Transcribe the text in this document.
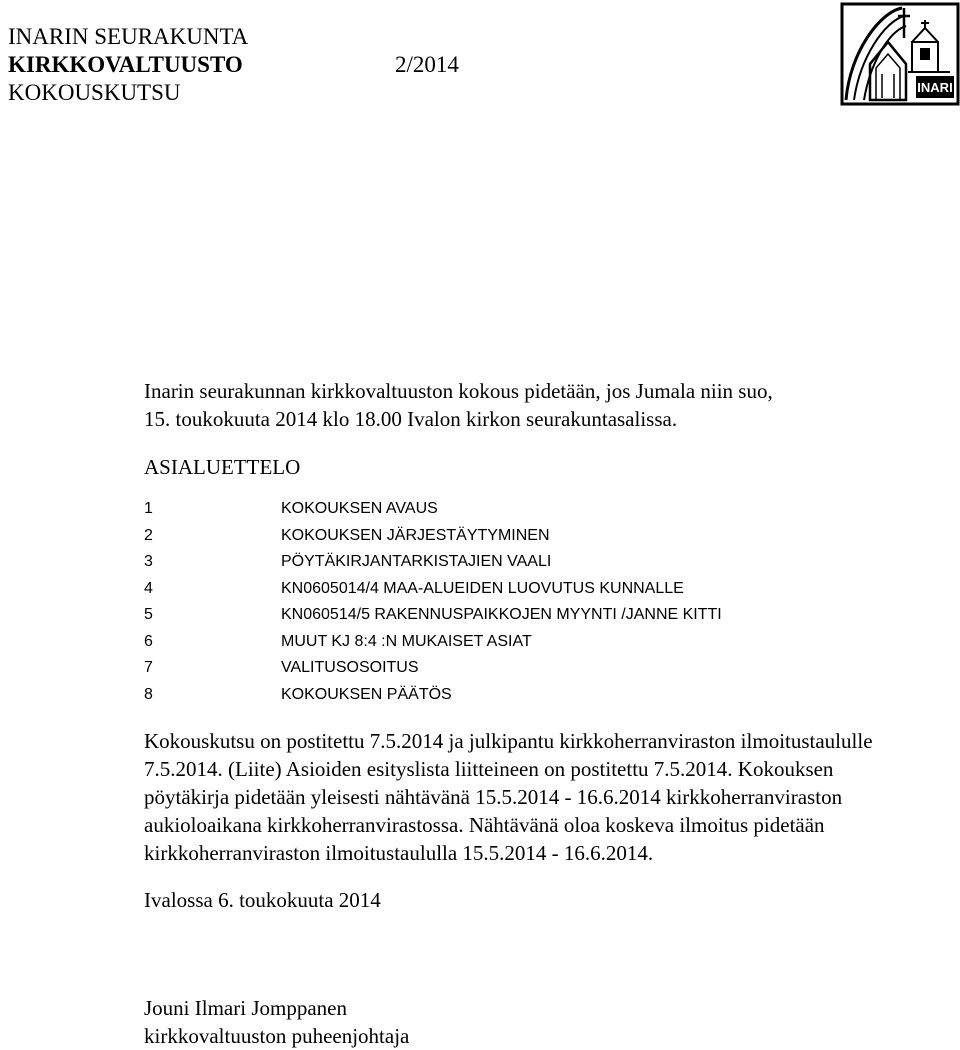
INARIN SEURAKUNTA
KIRKKOVALTUUSTO	2/2014
KOKOUSKUTSU	INARI
Inarin seurakunnan kirkkovaltuuston kokous pidetään, jos Jumala niin suo,
15. toukokuuta 2014 klo 18.00 Ivalon kirkon seurakuntasalissa.
ASIALUETTELO
1	KOKOUKSEN AVAUS
2	KOKOUKSEN JÄRJESTÄYTYMINEN
3	PÖYTÄKIRJANTARKISTAJIEN VAALI
4	KN0605014/4 MAA-ALUEIDEN LUOVUTUS KUNNALLE
5	KN060514/5 RAKENNUSPAIKKOJEN MYYNTI /JANNE KITTI
6	MUUT KJ 8:4 :N MUKAISET ASIAT
7	VALITUSOSOITUS
8	KOKOUKSEN PÄÄTÖS
Kokouskutsu on postitettu 7.5.2014 ja julkipantu kirkkoherranviraston ilmoitustaululle
7.5.2014. (Liite) Asioiden esityslista liitteineen on postitettu 7.5.2014. Kokouksen
pöytäkirja pidetään yleisesti nähtävänä 15.5.2014 - 16.6.2014 kirkkoherranviraston
aukioloaikana kirkkoherranvirastossa. Nähtävänä oloa koskeva ilmoitus pidetään
kirkkoherranviraston ilmoitustaululla 15.5.2014 - 16.6.2014.
Ivalossa 6. toukokuuta 2014
Jouni Ilmari Jomppanen
kirkkovaltuuston puheenjohtaja
